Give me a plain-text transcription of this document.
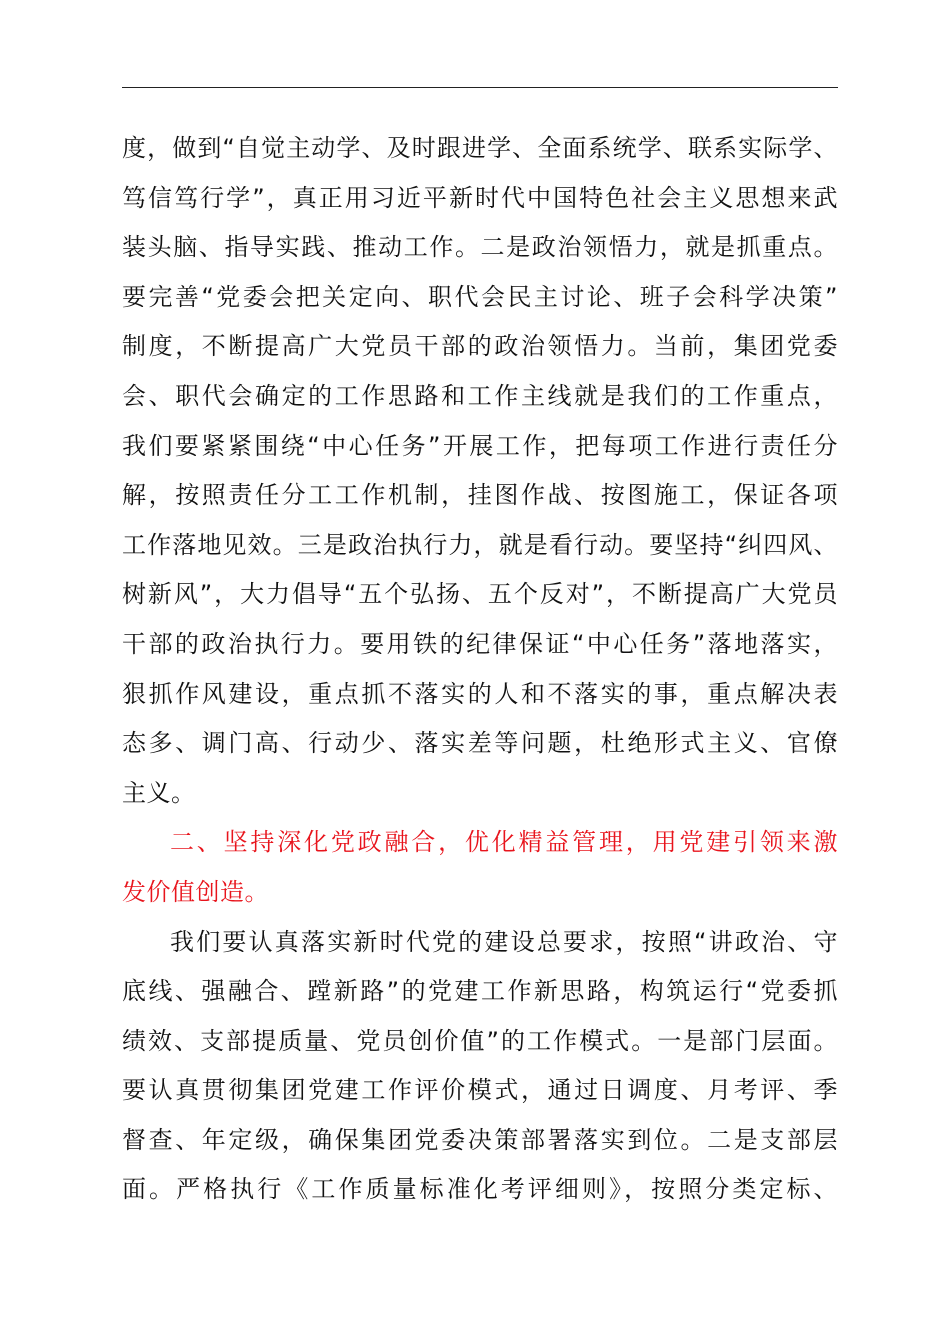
度，做到“自觉主动学、及时跟进学、全面系统学、联系实际学、
笃信笃行学”，真正用习近平新时代中国特色社会主义思想来武
装头脑、指导实践、推动工作。二是政治领悟力，就是抓重点。
要完善“党委会把关定向、职代会民主讨论、班子会科学决策”
制度，不断提高广大党员干部的政治领悟力。当前，集团党委
会、职代会确定的工作思路和工作主线就是我们的工作重点，
我们要紧紧围绕“中心任务”开展工作，把每项工作进行责任分
解，按照责任分工工作机制，挂图作战、按图施工，保证各项
工作落地见效。三是政治执行力，就是看行动。要坚持“纠四风、
树新风”，大力倡导“五个弘扬、五个反对”，不断提高广大党员
干部的政治执行力。要用铁的纪律保证“中心任务”落地落实，
狠抓作风建设，重点抓不落实的人和不落实的事，重点解决表
态多、调门高、行动少、落实差等问题，杜绝形式主义、官僚
主义。
二、坚持深化党政融合，优化精益管理，用党建引领来激
发价值创造。
我们要认真落实新时代党的建设总要求，按照“讲政治、守
底线、强融合、蹚新路”的党建工作新思路，构筑运行“党委抓
绩效、支部提质量、党员创价值”的工作模式。一是部门层面。
要认真贯彻集团党建工作评价模式，通过日调度、月考评、季
督查、年定级，确保集团党委决策部署落实到位。二是支部层
面。严格执行《工作质量标准化考评细则》，按照分类定标、
